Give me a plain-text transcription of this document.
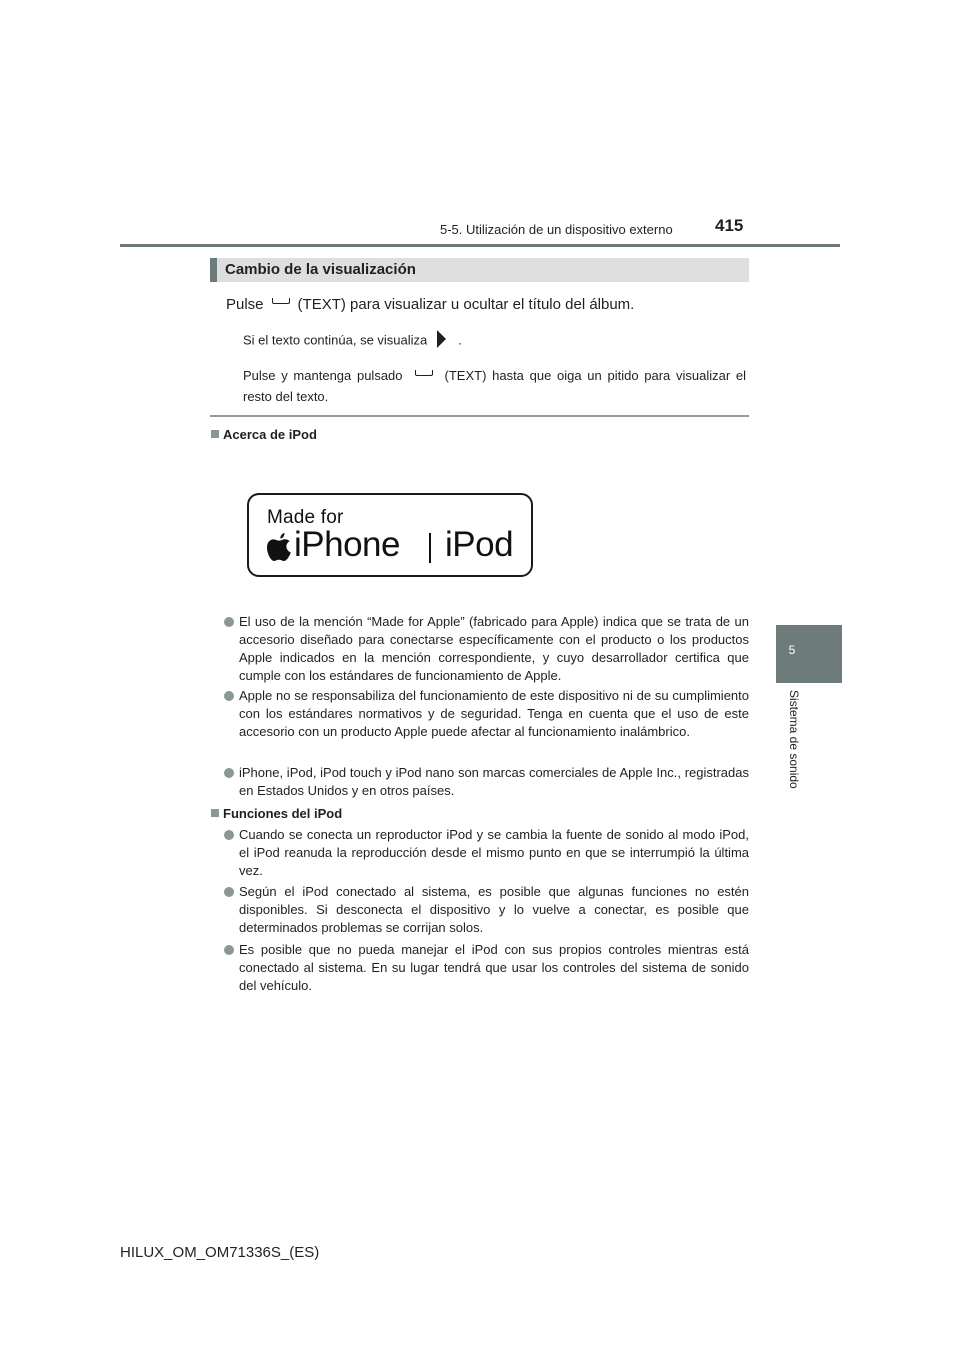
5-5. Utilización de un dispositivo externo 415
5
Sistema de sonido
Cambio de la visualización
Pulse (TEXT) para visualizar u ocultar el título del álbum.
Si el texto continúa, se visualiza .
Pulse y mantenga pulsado	(TEXT) hasta que oiga un pitido para visualizar el resto del texto.
Acerca de iPod
Made for
iPhone iPod
El uso de la mención “Made for Apple” (fabricado para Apple) indica que se trata de un accesorio diseñado para conectarse específicamente con el producto o los productos Apple indicados en la mención correspondiente, y cuyo desarrollador certifica que cumple con los estándares de funcionamiento de Apple.
Apple no se responsabiliza del funcionamiento de este dispositivo ni de su cumplimiento con los estándares normativos y de seguridad. Tenga en cuenta que el uso de este accesorio con un producto Apple puede afectar al funcionamiento inalámbrico.
iPhone, iPod, iPod touch y iPod nano son marcas comerciales de Apple Inc., registradas en Estados Unidos y en otros países.
Funciones del iPod
Cuando se conecta un reproductor iPod y se cambia la fuente de sonido al modo iPod, el iPod reanuda la reproducción desde el mismo punto en que se interrumpió la última vez.
Según el iPod conectado al sistema, es posible que algunas funciones no estén disponibles. Si desconecta el dispositivo y lo vuelve a conectar, es posible que determinados problemas se corrijan solos.
Es posible que no pueda manejar el iPod con sus propios controles mientras está conectado al sistema. En su lugar tendrá que usar los controles del sistema de sonido del vehículo.
HILUX_OM_OM71336S_(ES)
